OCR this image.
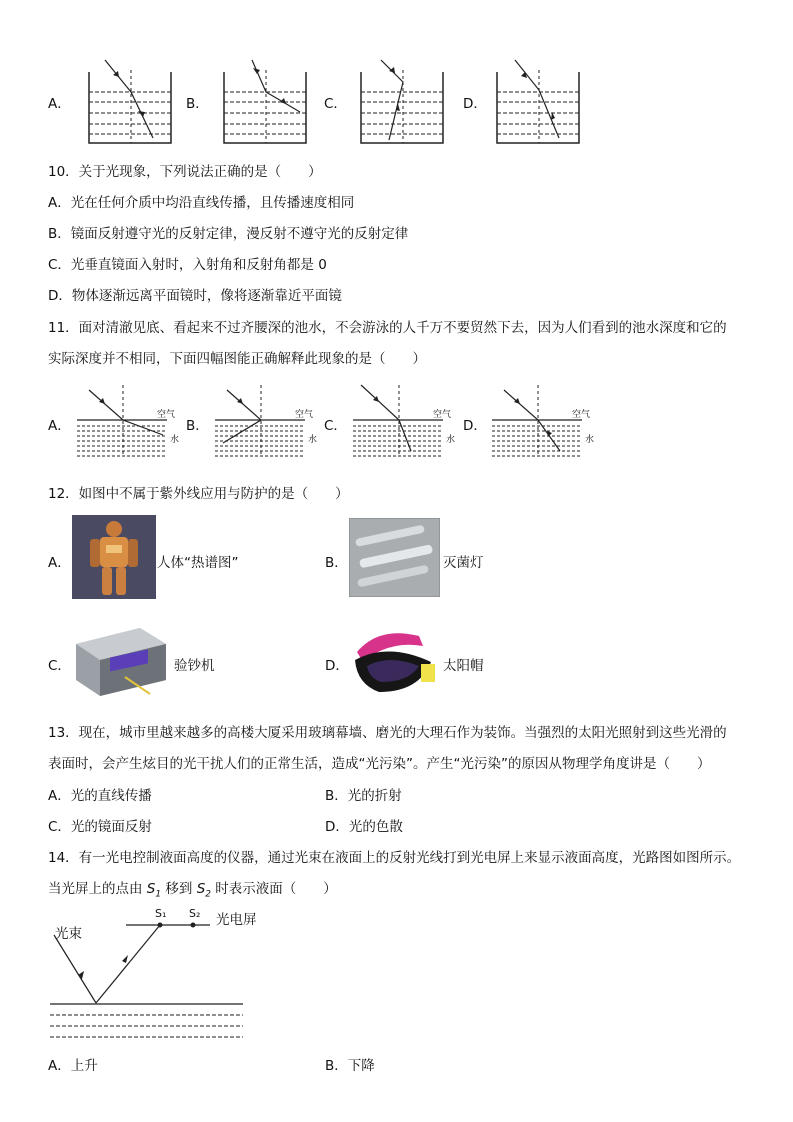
A．	B．	C．	D．
10．关于光现象，下列说法正确的是（　　）
A．光在任何介质中均沿直线传播，且传播速度相同
B．镜面反射遵守光的反射定律，漫反射不遵守光的反射定律
C．光垂直镜面入射时，入射角和反射角都是 0
D．物体逐渐远离平面镜时，像将逐渐靠近平面镜
11．面对清澈见底、看起来不过齐腰深的池水，不会游泳的人千万不要贸然下去，因为人们看到的池水深度和它的
实际深度并不相同，下面四幅图能正确解释此现象的是（　　）
A．
空气
水
B．
空气
水
C．
空气
水
D．
空气
水
12．如图中不属于紫外线应用与防护的是（　　）
A．	人体“热谱图”	B．	灭菌灯
C．	验钞机	D．	太阳帽
13．现在，城市里越来越多的高楼大厦采用玻璃幕墙、磨光的大理石作为装饰。当强烈的太阳光照射到这些光滑的
表面时，会产生炫目的光干扰人们的正常生活，造成“光污染”。产生“光污染”的原因从物理学角度讲是（　　）
A．光的直线传播	B．光的折射
C．光的镜面反射	D．光的色散
14．有一光电控制液面高度的仪器，通过光束在液面上的反射光线打到光电屏上来显示液面高度，光路图如图所示。
当光屏上的点由 $S_1$ 移到 $S_2$ 时表示液面（　　）
光束
S₁ S₂ 光电屏
A．上升	B．下降
